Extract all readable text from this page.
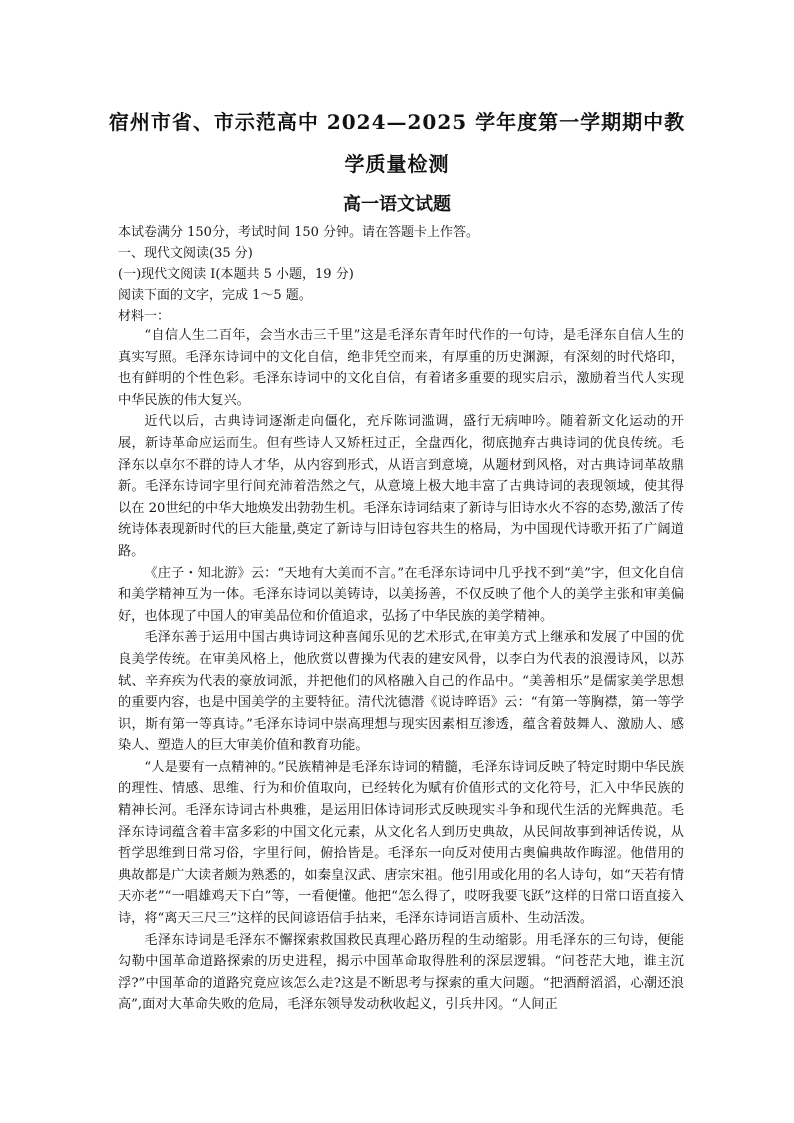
宿州市省、市示范高中 2024—2025 学年度第一学期期中教
学质量检测
高一语文试题

本试卷满分 150分，考试时间 150 分钟。请在答题卡上作答。

一、现代文阅读(35 分)

(一)现代文阅读 I(本题共 5 小题，19 分)

阅读下面的文字，完成 1～5 题。

材料一：

“自信人生二百年，会当水击三千里”这是毛泽东青年时代作的一句诗，是毛泽东自信人生的真实写照。毛泽东诗词中的文化自信，绝非凭空而来，有厚重的历史渊源，有深刻的时代烙印，也有鲜明的个性色彩。毛泽东诗词中的文化自信，有着诸多重要的现实启示，激励着当代人实现中华民族的伟大复兴。

近代以后，古典诗词逐渐走向僵化，充斥陈词滥调，盛行无病呻吟。随着新文化运动的开展，新诗革命应运而生。但有些诗人又矫枉过正，全盘西化，彻底抛弃古典诗词的优良传统。毛泽东以卓尔不群的诗人才华，从内容到形式，从语言到意境，从题材到风格，对古典诗词革故鼎新。毛泽东诗词字里行间充沛着浩然之气，从意境上极大地丰富了古典诗词的表现领域，使其得以在 20世纪的中华大地焕发出勃勃生机。毛泽东诗词结束了新诗与旧诗水火不容的态势,激活了传统诗体表现新时代的巨大能量,奠定了新诗与旧诗包容共生的格局，为中国现代诗歌开拓了广阔道路。

《庄子・知北游》云：“天地有大美而不言。”在毛泽东诗词中几乎找不到“美”字，但文化自信和美学精神互为一体。毛泽东诗词以美铸诗，以美扬善，不仅反映了他个人的美学主张和审美偏好，也体现了中国人的审美品位和价值追求，弘扬了中华民族的美学精神。

毛泽东善于运用中国古典诗词这种喜闻乐见的艺术形式,在审美方式上继承和发展了中国的优良美学传统。在审美风格上，他欣赏以曹操为代表的建安风骨，以李白为代表的浪漫诗风，以苏轼、辛弃疾为代表的豪放词派，并把他们的风格融入自己的作品中。“美善相乐”是儒家美学思想的重要内容，也是中国美学的主要特征。清代沈德潜《说诗晬语》云：“有第一等胸襟，第一等学识，斯有第一等真诗。”毛泽东诗词中崇高理想与现实因素相互渗透，蕴含着鼓舞人、激励人、感染人、塑造人的巨大审美价值和教育功能。

“人是要有一点精神的。”民族精神是毛泽东诗词的精髓，毛泽东诗词反映了特定时期中华民族的理性、情感、思维、行为和价值取向，已经转化为赋有价值形式的文化符号，汇入中华民族的精神长河。毛泽东诗词古朴典雅，是运用旧体诗词形式反映现实斗争和现代生活的光辉典范。毛泽东诗词蕴含着丰富多彩的中国文化元素，从文化名人到历史典故，从民间故事到神话传说，从哲学思维到日常习俗，字里行间，俯拾皆是。毛泽东一向反对使用古奥偏典故作晦涩。他借用的典故都是广大读者颇为熟悉的，如秦皇汉武、唐宗宋祖。他引用或化用的名人诗句，如“天若有情天亦老”“一唱雄鸡天下白”等，一看便懂。他把“怎么得了，哎呀我要飞跃”这样的日常口语直接入诗，将“离天三尺三”这样的民间谚语信手拈来，毛泽东诗词语言质朴、生动活泼。

毛泽东诗词是毛泽东不懈探索救国救民真理心路历程的生动缩影。用毛泽东的三句诗，便能勾勒中国革命道路探索的历史进程，揭示中国革命取得胜利的深层逻辑。“问苍茫大地，谁主沉浮?”中国革命的道路究竟应该怎么走?这是不断思考与探索的重大问题。“把酒酹滔滔，心潮还浪高”,面对大革命失败的危局，毛泽东领导发动秋收起义，引兵井冈。“人间正
